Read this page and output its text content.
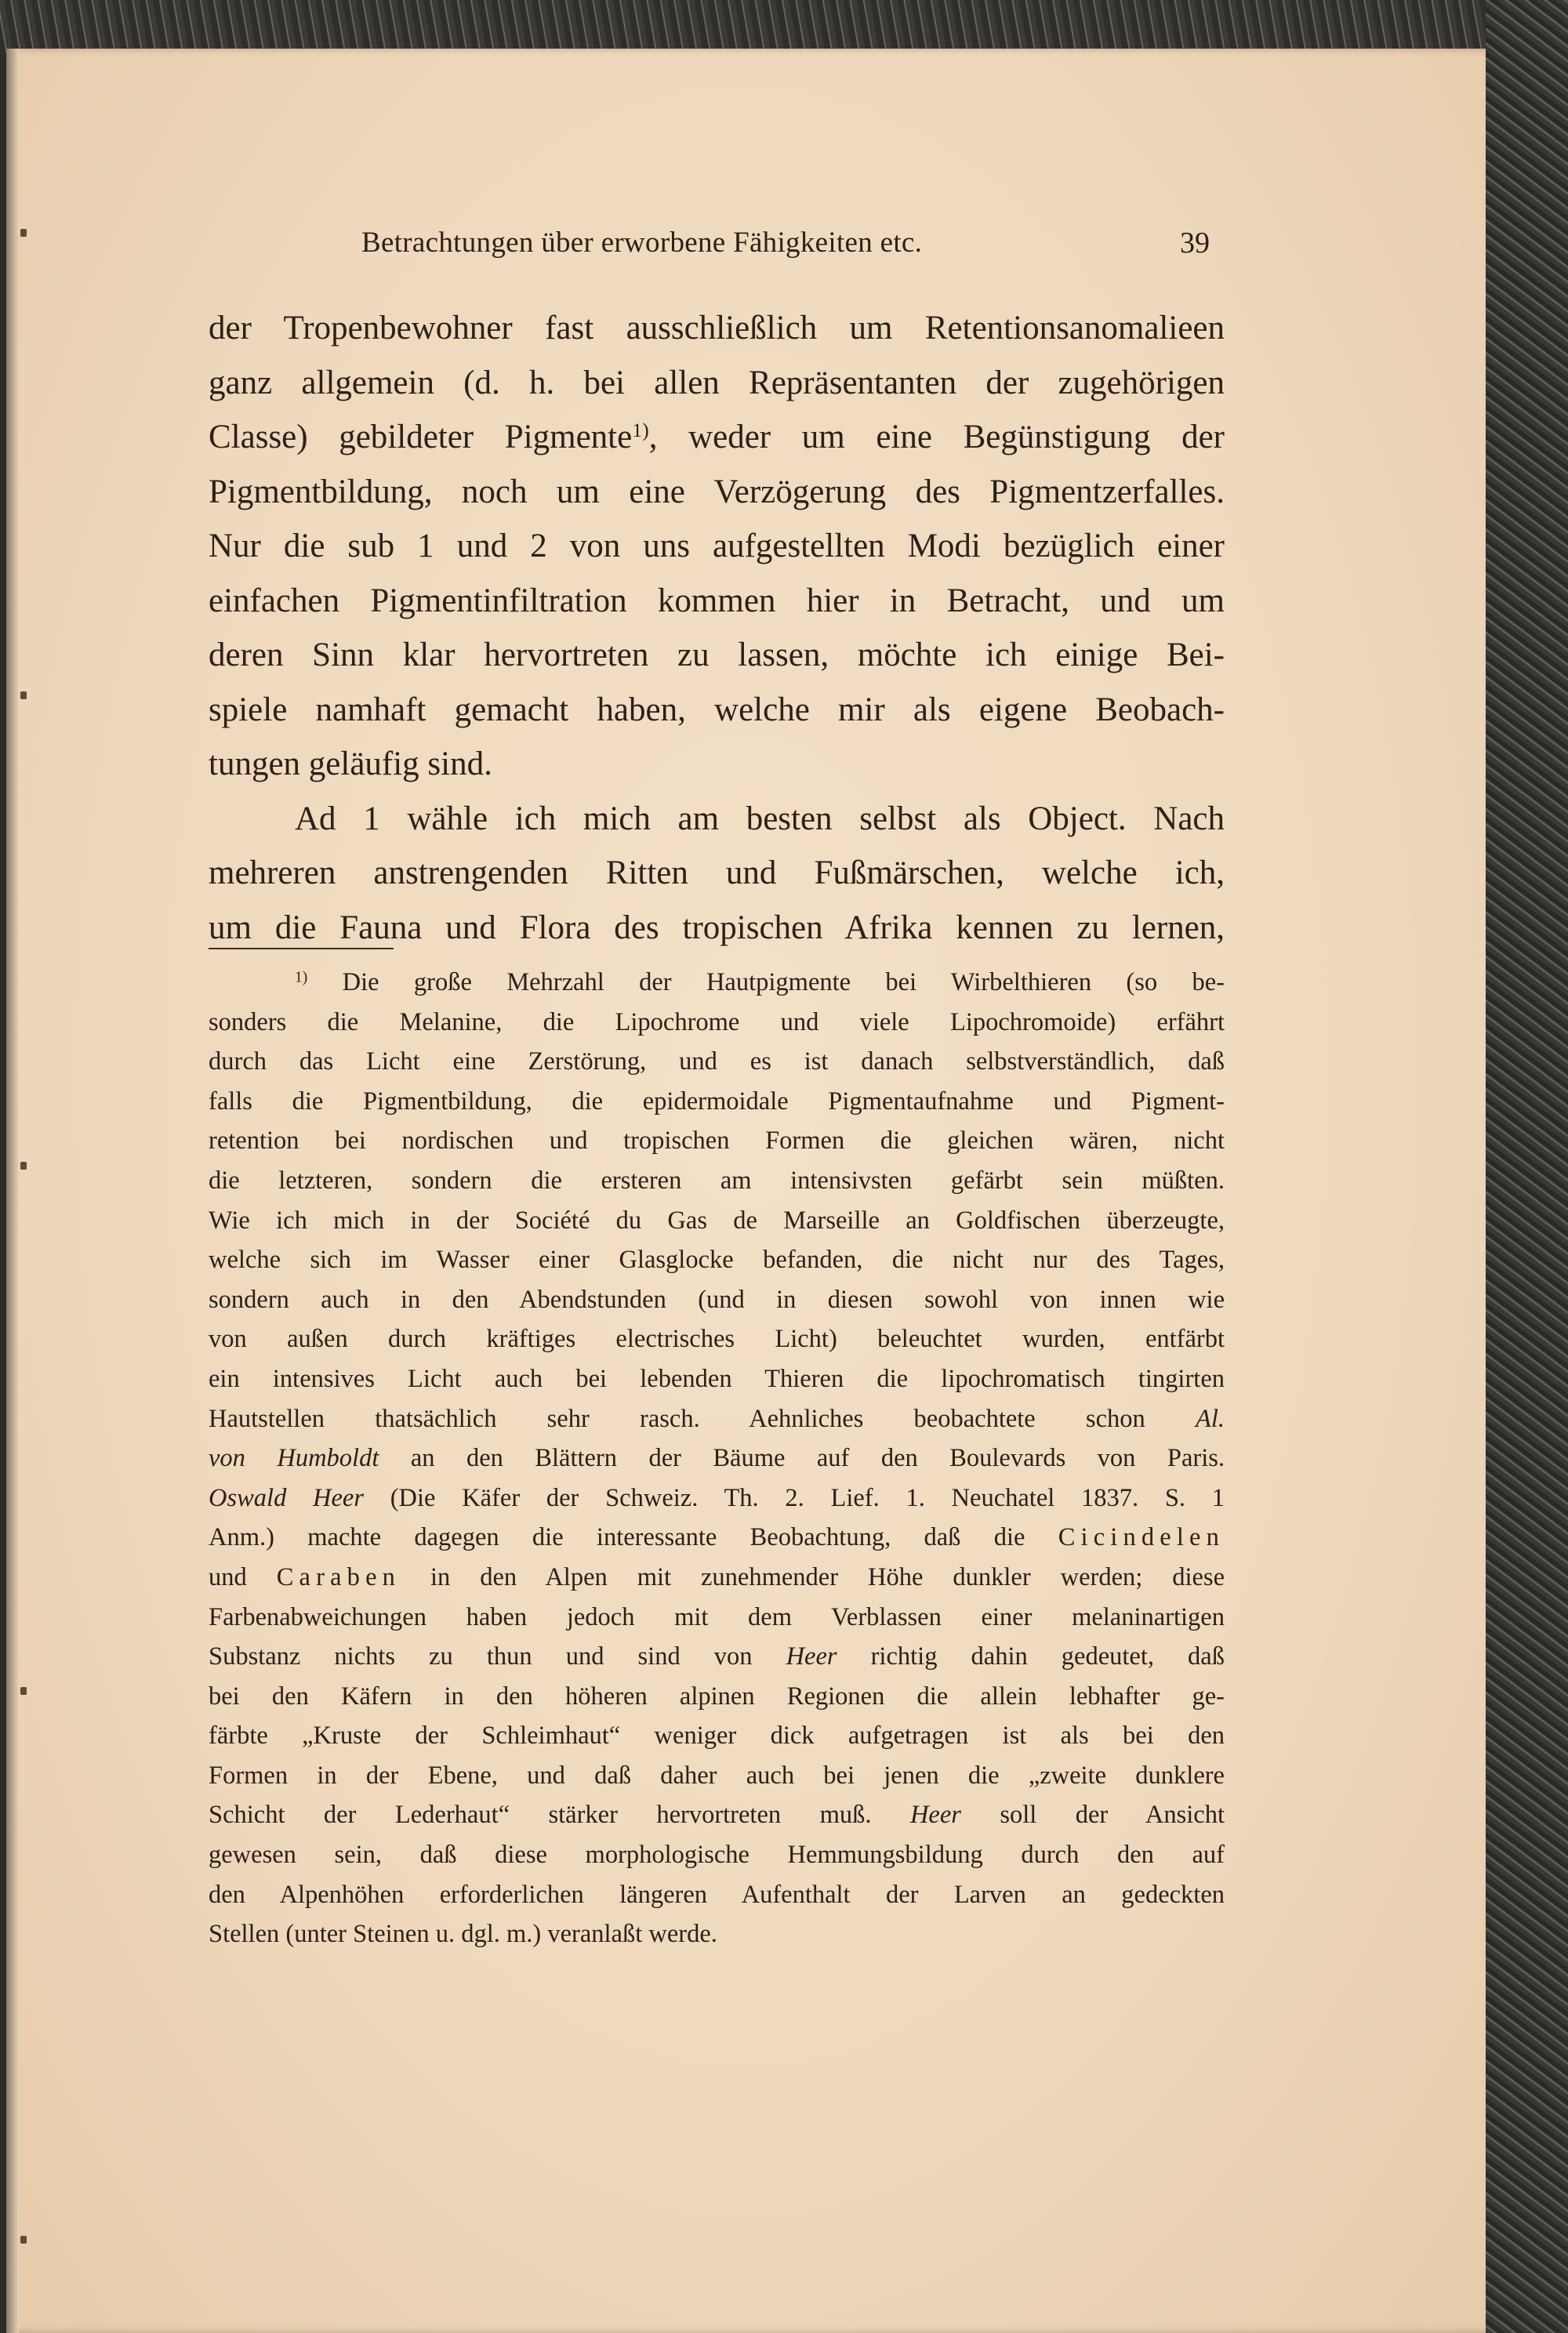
Betrachtungen über erworbene Fähigkeiten etc.	39
der Tropenbewohner fast ausschließlich um Retentionsanomalieen
ganz allgemein (d. h. bei allen Repräsentanten der zugehörigen
Classe) gebildeter Pigmente$^{1)}$, weder um eine Begünstigung der
Pigmentbildung, noch um eine Verzögerung des Pigmentzerfalles.
Nur die sub 1 und 2 von uns aufgestellten Modi bezüglich einer
einfachen Pigmentinfiltration kommen hier in Betracht, und um
deren Sinn klar hervortreten zu lassen, möchte ich einige Bei-
spiele namhaft gemacht haben, welche mir als eigene Beobach-
tungen geläufig sind.
Ad 1 wähle ich mich am besten selbst als Object. Nach
mehreren anstrengenden Ritten und Fußmärschen, welche ich,
um die Fauna und Flora des tropischen Afrika kennen zu lernen,
$^{1)}$ Die große Mehrzahl der Hautpigmente bei Wirbelthieren (so be-
sonders die Melanine, die Lipochrome und viele Lipochromoide) erfährt
durch das Licht eine Zerstörung, und es ist danach selbstverständlich, daß
falls die Pigmentbildung, die epidermoidale Pigmentaufnahme und Pigment-
retention bei nordischen und tropischen Formen die gleichen wären, nicht
die letzteren, sondern die ersteren am intensivsten gefärbt sein müßten.
Wie ich mich in der Société du Gas de Marseille an Goldfischen überzeugte,
welche sich im Wasser einer Glasglocke befanden, die nicht nur des Tages,
sondern auch in den Abendstunden (und in diesen sowohl von innen wie
von außen durch kräftiges electrisches Licht) beleuchtet wurden, entfärbt
ein intensives Licht auch bei lebenden Thieren die lipochromatisch tingirten
Hautstellen thatsächlich sehr rasch. Aehnliches beobachtete schon Al.
von Humboldt an den Blättern der Bäume auf den Boulevards von Paris.
Oswald Heer (Die Käfer der Schweiz. Th. 2. Lief. 1. Neuchatel 1837. S. 1
Anm.) machte dagegen die interessante Beobachtung, daß die Cicindelen
und Caraben in den Alpen mit zunehmender Höhe dunkler werden; diese
Farbenabweichungen haben jedoch mit dem Verblassen einer melaninartigen
Substanz nichts zu thun und sind von Heer richtig dahin gedeutet, daß
bei den Käfern in den höheren alpinen Regionen die allein lebhafter ge-
färbte „Kruste der Schleimhaut“ weniger dick aufgetragen ist als bei den
Formen in der Ebene, und daß daher auch bei jenen die „zweite dunklere
Schicht der Lederhaut“ stärker hervortreten muß. Heer soll der Ansicht
gewesen sein, daß diese morphologische Hemmungsbildung durch den auf
den Alpenhöhen erforderlichen längeren Aufenthalt der Larven an gedeckten
Stellen (unter Steinen u. dgl. m.) veranlaßt werde.
